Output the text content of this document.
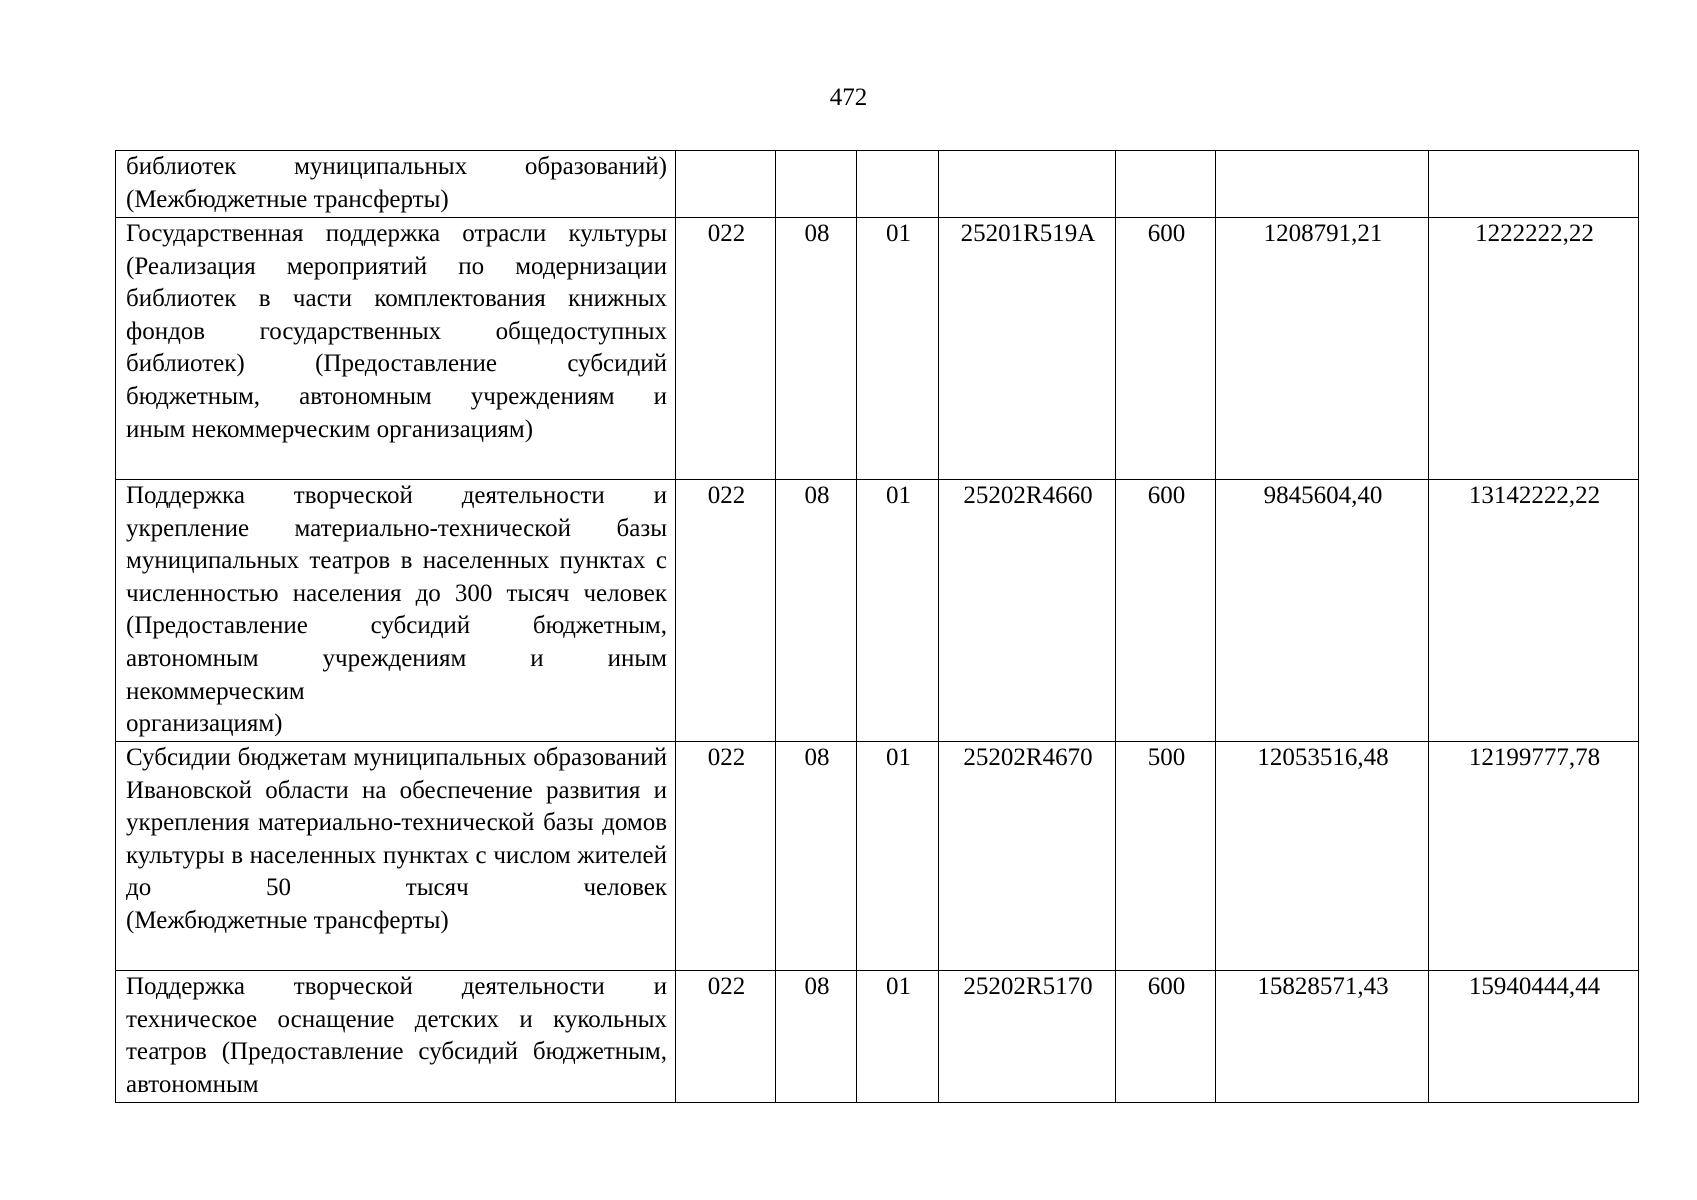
472
библиотек муниципальных образований)
(Межбюджетные трансферты)							

Государственная поддержка отрасли культуры (Реализация мероприятий по модернизации библиотек в части комплектования книжных фондов государственных общедоступных библиотек) (Предоставление субсидий бюджетным, автономным учреждениям и
иным некоммерческим организациям)	022	08	01	25201R519A	600	1208791,21	1222222,22
Поддержка творческой деятельности и укрепление материально-технической базы муниципальных театров в населенных пунктах с численностью населения до 300 тысяч человек (Предоставление субсидий бюджетным, автономным учреждениям и иным некоммерческим
организациям)	022	08	01	25202R4660	600	9845604,40	13142222,22
Субсидии бюджетам муниципальных образований Ивановской области на обеспечение развития и укрепления материально-технической базы домов культуры в населенных пунктах с числом жителей до 50 тысяч человек
(Межбюджетные трансферты)	022	08	01	25202R4670	500	12053516,48	12199777,78
Поддержка творческой деятельности и техническое оснащение детских и кукольных театров (Предоставление субсидий бюджетным, автономным	022	08	01	25202R5170	600	15828571,43	15940444,44
